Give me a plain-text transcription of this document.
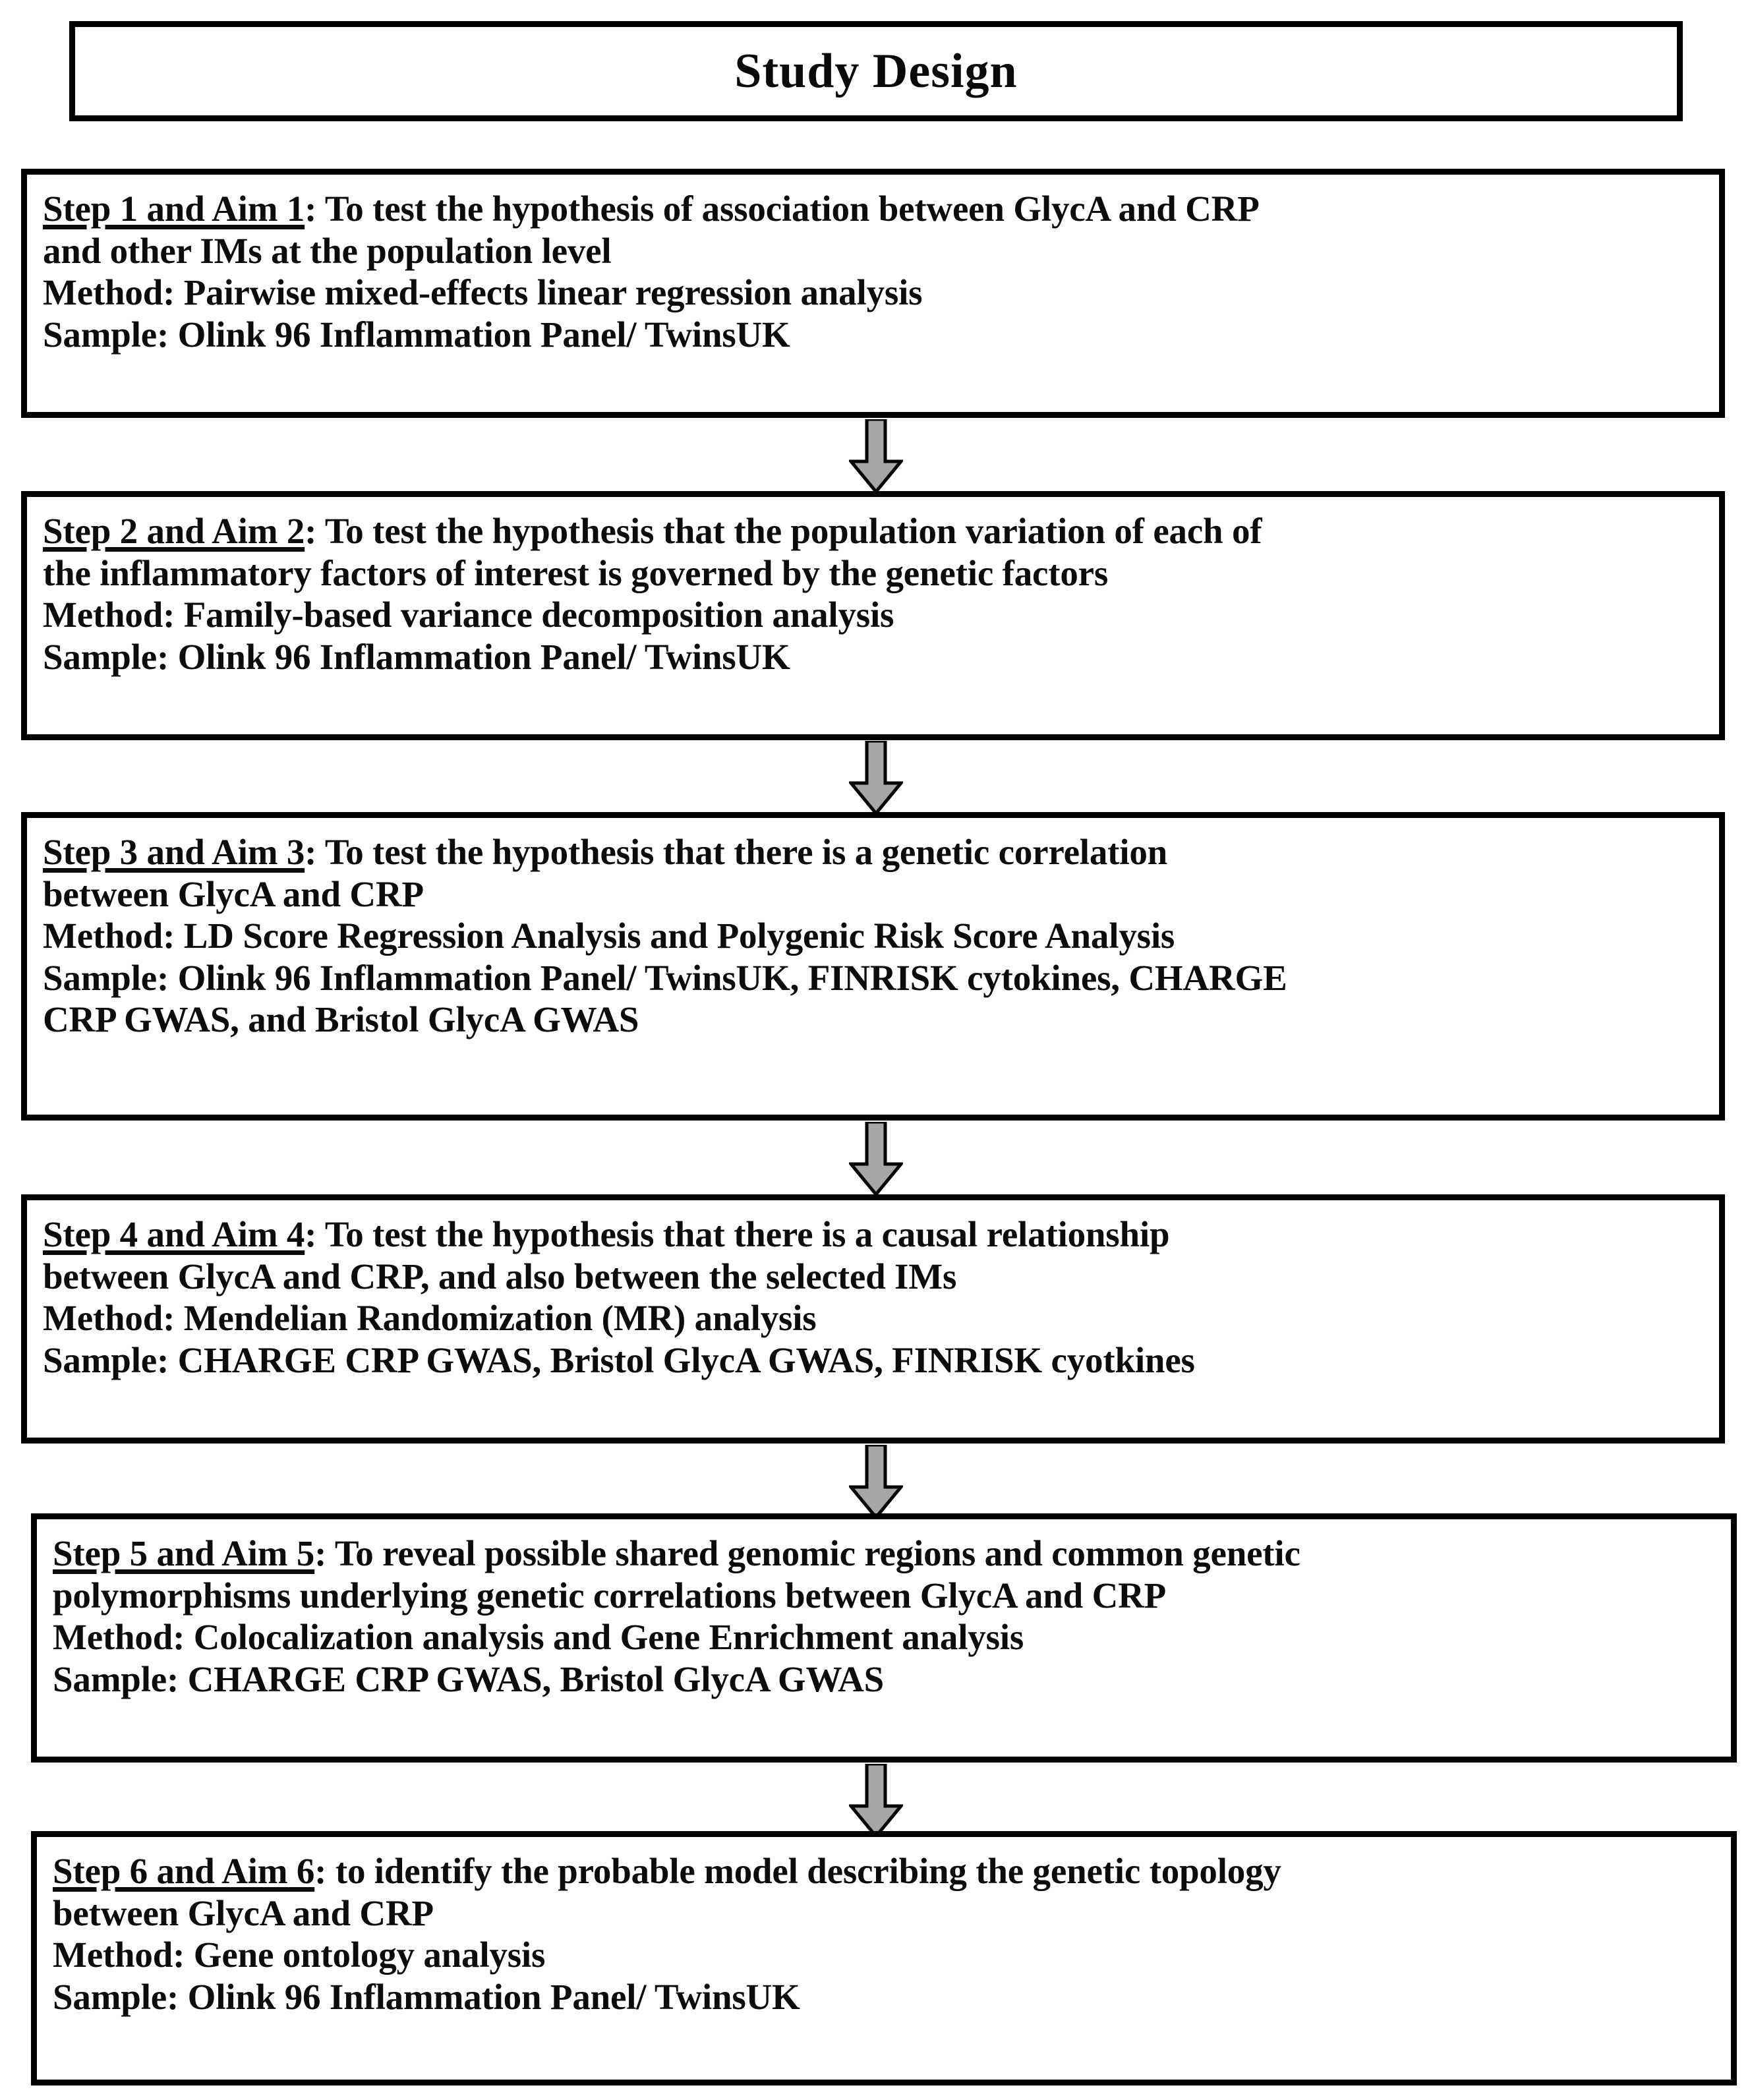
Study Design
Step 1 and Aim 1: To test the hypothesis of association between GlycA and CRP
and other IMs at the population level
Method: Pairwise mixed-effects linear regression analysis
Sample: Olink 96 Inflammation Panel/ TwinsUK
Step 2 and Aim 2: To test the hypothesis that the population variation of each of
the inflammatory factors of interest is governed by the genetic factors
Method: Family-based variance decomposition analysis
Sample: Olink 96 Inflammation Panel/ TwinsUK
Step 3 and Aim 3: To test the hypothesis that there is a genetic correlation
between GlycA and CRP
Method: LD Score Regression Analysis and Polygenic Risk Score Analysis
Sample: Olink 96 Inflammation Panel/ TwinsUK, FINRISK cytokines, CHARGE
CRP GWAS, and Bristol GlycA GWAS
Step 4 and Aim 4: To test the hypothesis that there is a causal relationship
between GlycA and CRP, and also between the selected IMs
Method: Mendelian Randomization (MR) analysis
Sample: CHARGE CRP GWAS, Bristol GlycA GWAS, FINRISK cyotkines
Step 5 and Aim 5: To reveal possible shared genomic regions and common genetic
polymorphisms underlying genetic correlations between GlycA and CRP
Method: Colocalization analysis and Gene Enrichment analysis
Sample: CHARGE CRP GWAS, Bristol GlycA GWAS
Step 6 and Aim 6: to identify the probable model describing the genetic topology
between GlycA and CRP
Method: Gene ontology analysis
Sample: Olink 96 Inflammation Panel/ TwinsUK
